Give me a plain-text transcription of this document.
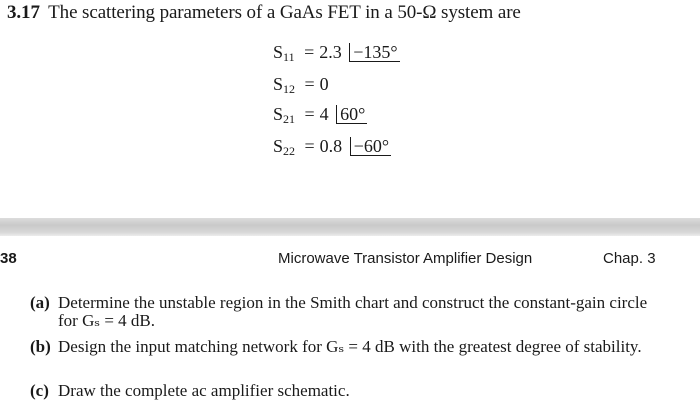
3.17 The scattering parameters of a GaAs FET in a 50-Ω system are
$S_{11} = 2.3 -135^\circ$
$S_{12} = 0$
$S_{21} = 4$ 60°
$S_{22} = 0.8 -60^\circ$
38	Microwave Transistor Amplifier Design	Chap. 3
(a) Determine the unstable region in the Smith chart and construct the constant-gain circle for Gₛ = 4 dB.
(b) Design the input matching network for Gₛ = 4 dB with the greatest degree of stability.
(c) Draw the complete ac amplifier schematic.
